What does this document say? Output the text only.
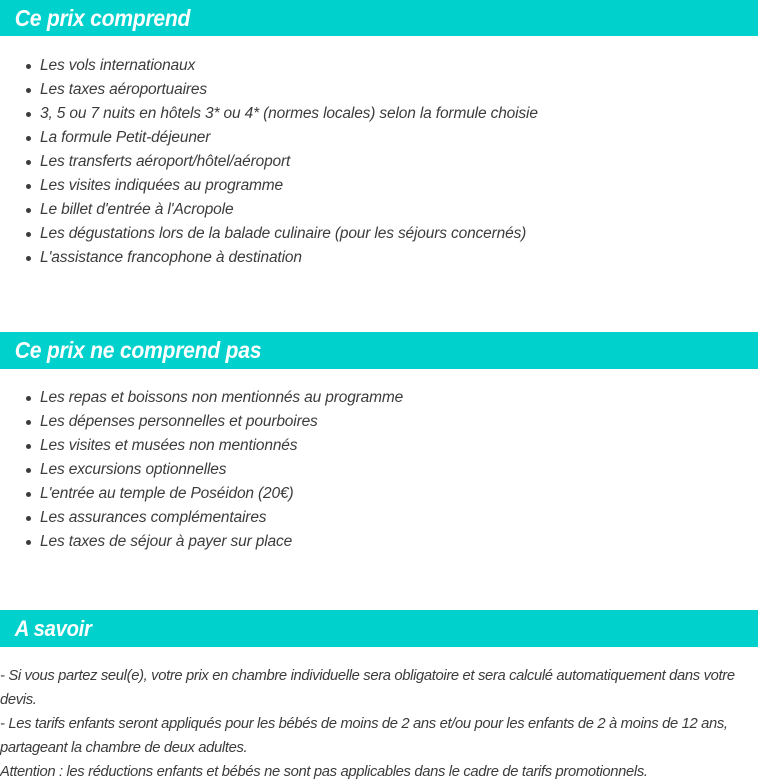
Ce prix comprend
Les vols internationaux
Les taxes aéroportuaires
3, 5 ou 7 nuits en hôtels 3* ou 4* (normes locales) selon la formule choisie
La formule Petit-déjeuner
Les transferts aéroport/hôtel/aéroport
Les visites indiquées au programme
Le billet d'entrée à l'Acropole
Les dégustations lors de la balade culinaire (pour les séjours concernés)
L'assistance francophone à destination
Ce prix ne comprend pas
Les repas et boissons non mentionnés au programme
Les dépenses personnelles et pourboires
Les visites et musées non mentionnés
Les excursions optionnelles
L'entrée au temple de Poséidon (20€)
Les assurances complémentaires
Les taxes de séjour à payer sur place
A savoir
- Si vous partez seul(e), votre prix en chambre individuelle sera obligatoire et sera calculé automatiquement dans votre
devis.
- Les tarifs enfants seront appliqués pour les bébés de moins de 2 ans et/ou pour les enfants de 2 à moins de 12 ans,
partageant la chambre de deux adultes.
Attention : les réductions enfants et bébés ne sont pas applicables dans le cadre de tarifs promotionnels.
